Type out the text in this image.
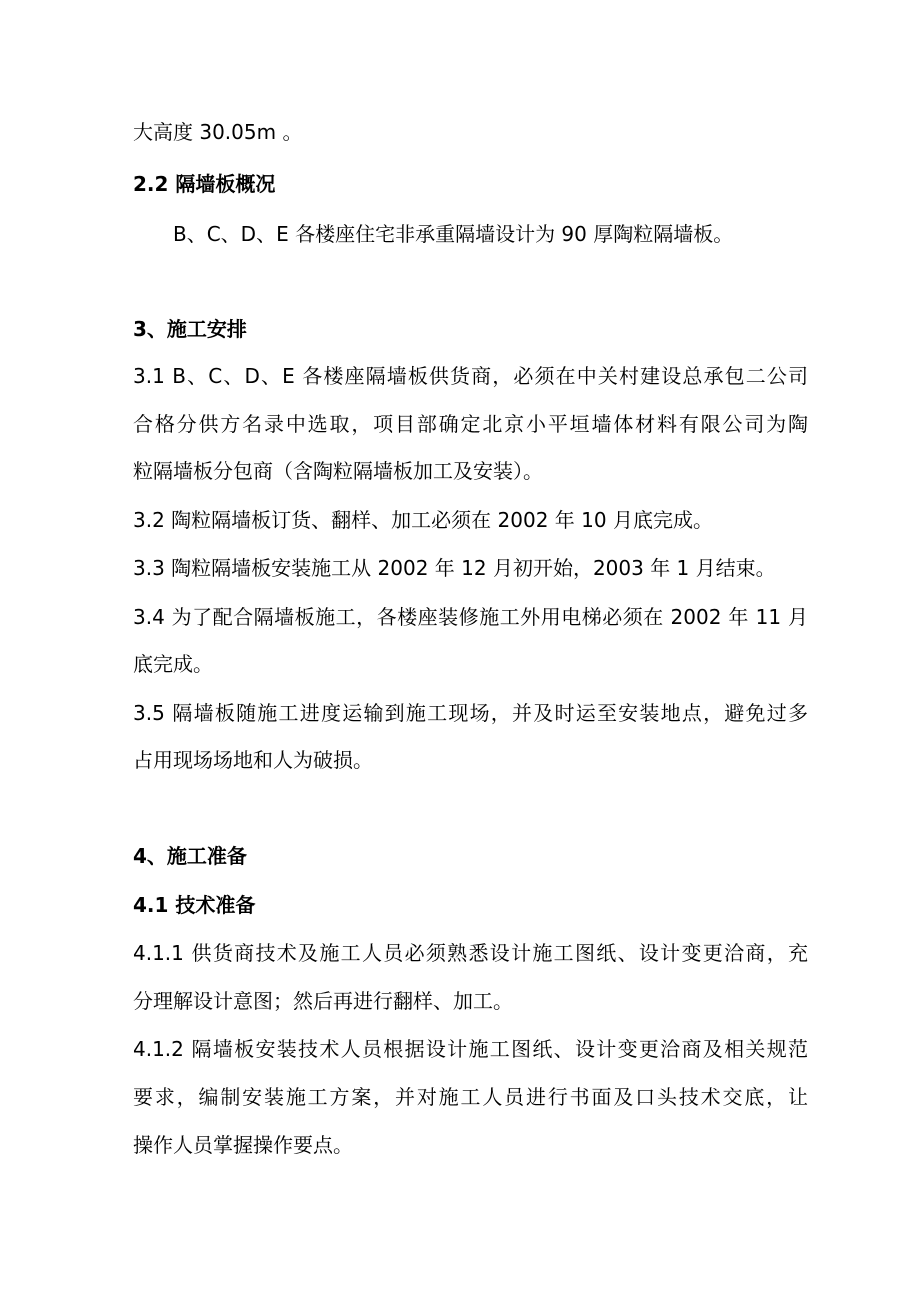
大高度 30.05m 。
2.2 隔墙板概况
B、C、D、E 各楼座住宅非承重隔墙设计为 90 厚陶粒隔墙板。
3、施工安排
3.1 B、C、D、E 各楼座隔墙板供货商，必须在中关村建设总承包二公司
合格分供方名录中选取，项目部确定北京小平垣墙体材料有限公司为陶
粒隔墙板分包商（含陶粒隔墙板加工及安装）。
3.2 陶粒隔墙板订货、翻样、加工必须在 2002 年 10 月底完成。
3.3 陶粒隔墙板安装施工从 2002 年 12 月初开始，2003 年 1 月结束。
3.4 为了配合隔墙板施工，各楼座装修施工外用电梯必须在 2002 年 11 月
底完成。
3.5 隔墙板随施工进度运输到施工现场，并及时运至安装地点，避免过多
占用现场场地和人为破损。
4、施工准备
4.1 技术准备
4.1.1 供货商技术及施工人员必须熟悉设计施工图纸、设计变更洽商，充
分理解设计意图；然后再进行翻样、加工。
4.1.2 隔墙板安装技术人员根据设计施工图纸、设计变更洽商及相关规范
要求，编制安装施工方案，并对施工人员进行书面及口头技术交底，让
操作人员掌握操作要点。
